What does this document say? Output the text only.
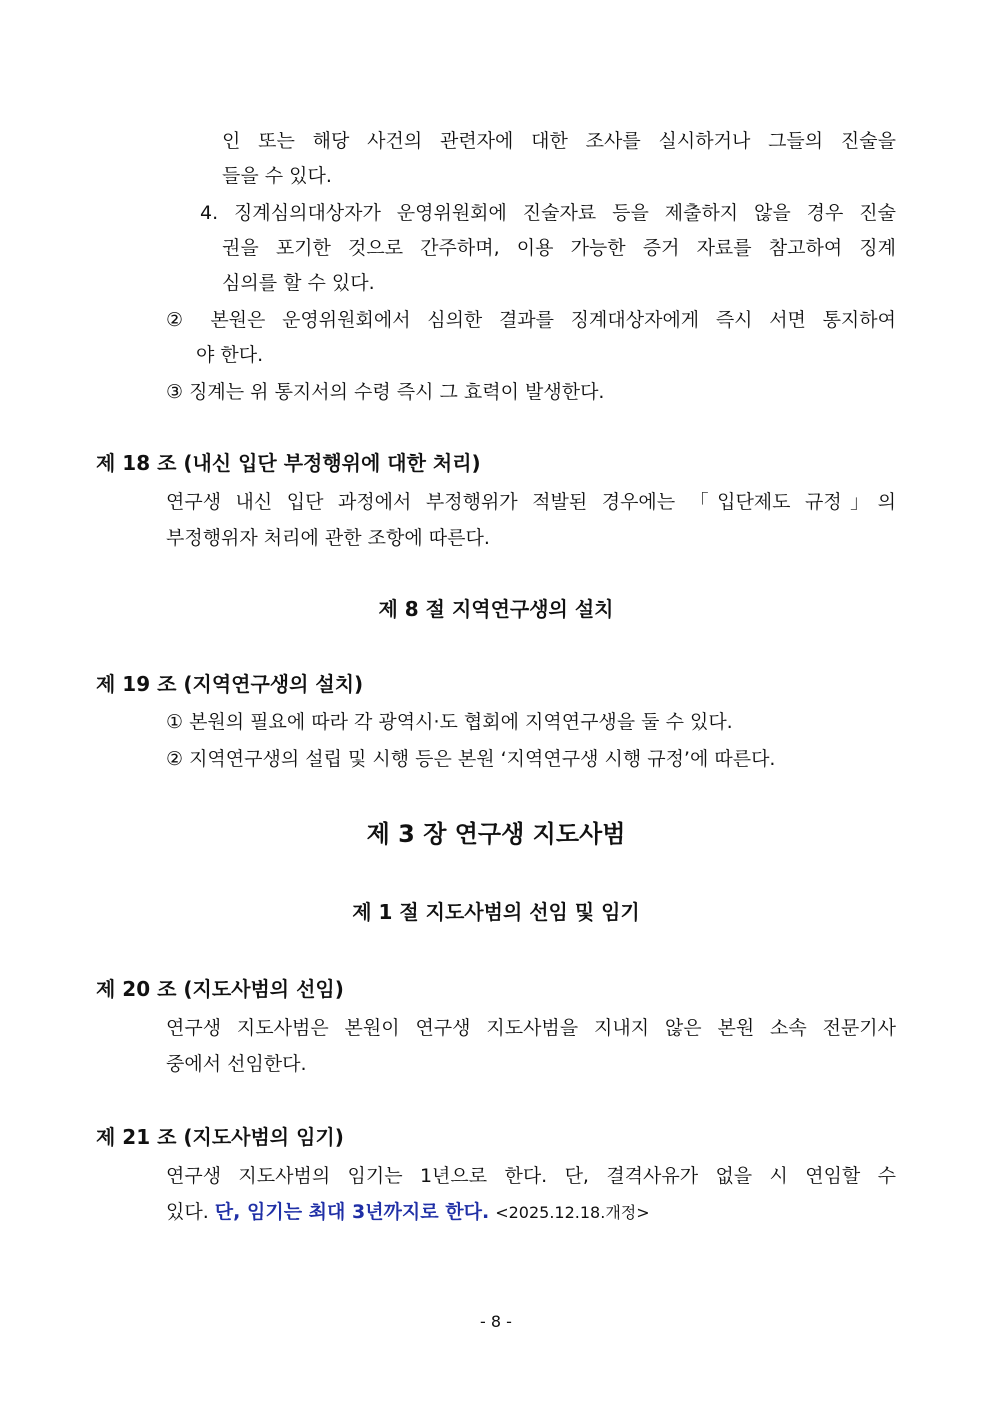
인 또는 해당 사건의 관련자에 대한 조사를 실시하거나 그들의 진술을
들을 수 있다.
4. 징계심의대상자가 운영위원회에 진술자료 등을 제출하지 않을 경우 진술
권을 포기한 것으로 간주하며, 이용 가능한 증거 자료를 참고하여 징계
심의를 할 수 있다.
② 본원은 운영위원회에서 심의한 결과를 징계대상자에게 즉시 서면 통지하여
야 한다.
③ 징계는 위 통지서의 수령 즉시 그 효력이 발생한다.
제 18 조 (내신 입단 부정행위에 대한 처리)
연구생 내신 입단 과정에서 부정행위가 적발된 경우에는 「입단제도 규정」의
부정행위자 처리에 관한 조항에 따른다.
제 8 절 지역연구생의 설치
제 19 조 (지역연구생의 설치)
① 본원의 필요에 따라 각 광역시·도 협회에 지역연구생을 둘 수 있다.
② 지역연구생의 설립 및 시행 등은 본원 ‘지역연구생 시행 규정’에 따른다.
제 3 장 연구생 지도사범
제 1 절 지도사범의 선임 및 임기
제 20 조 (지도사범의 선임)
연구생 지도사범은 본원이 연구생 지도사범을 지내지 않은 본원 소속 전문기사
중에서 선임한다.
제 21 조 (지도사범의 임기)
연구생 지도사범의 임기는 1년으로 한다. 단, 결격사유가 없을 시 연임할 수
있다. 단, 임기는 최대 3년까지로 한다. <2025.12.18.개정>
- 8 -
